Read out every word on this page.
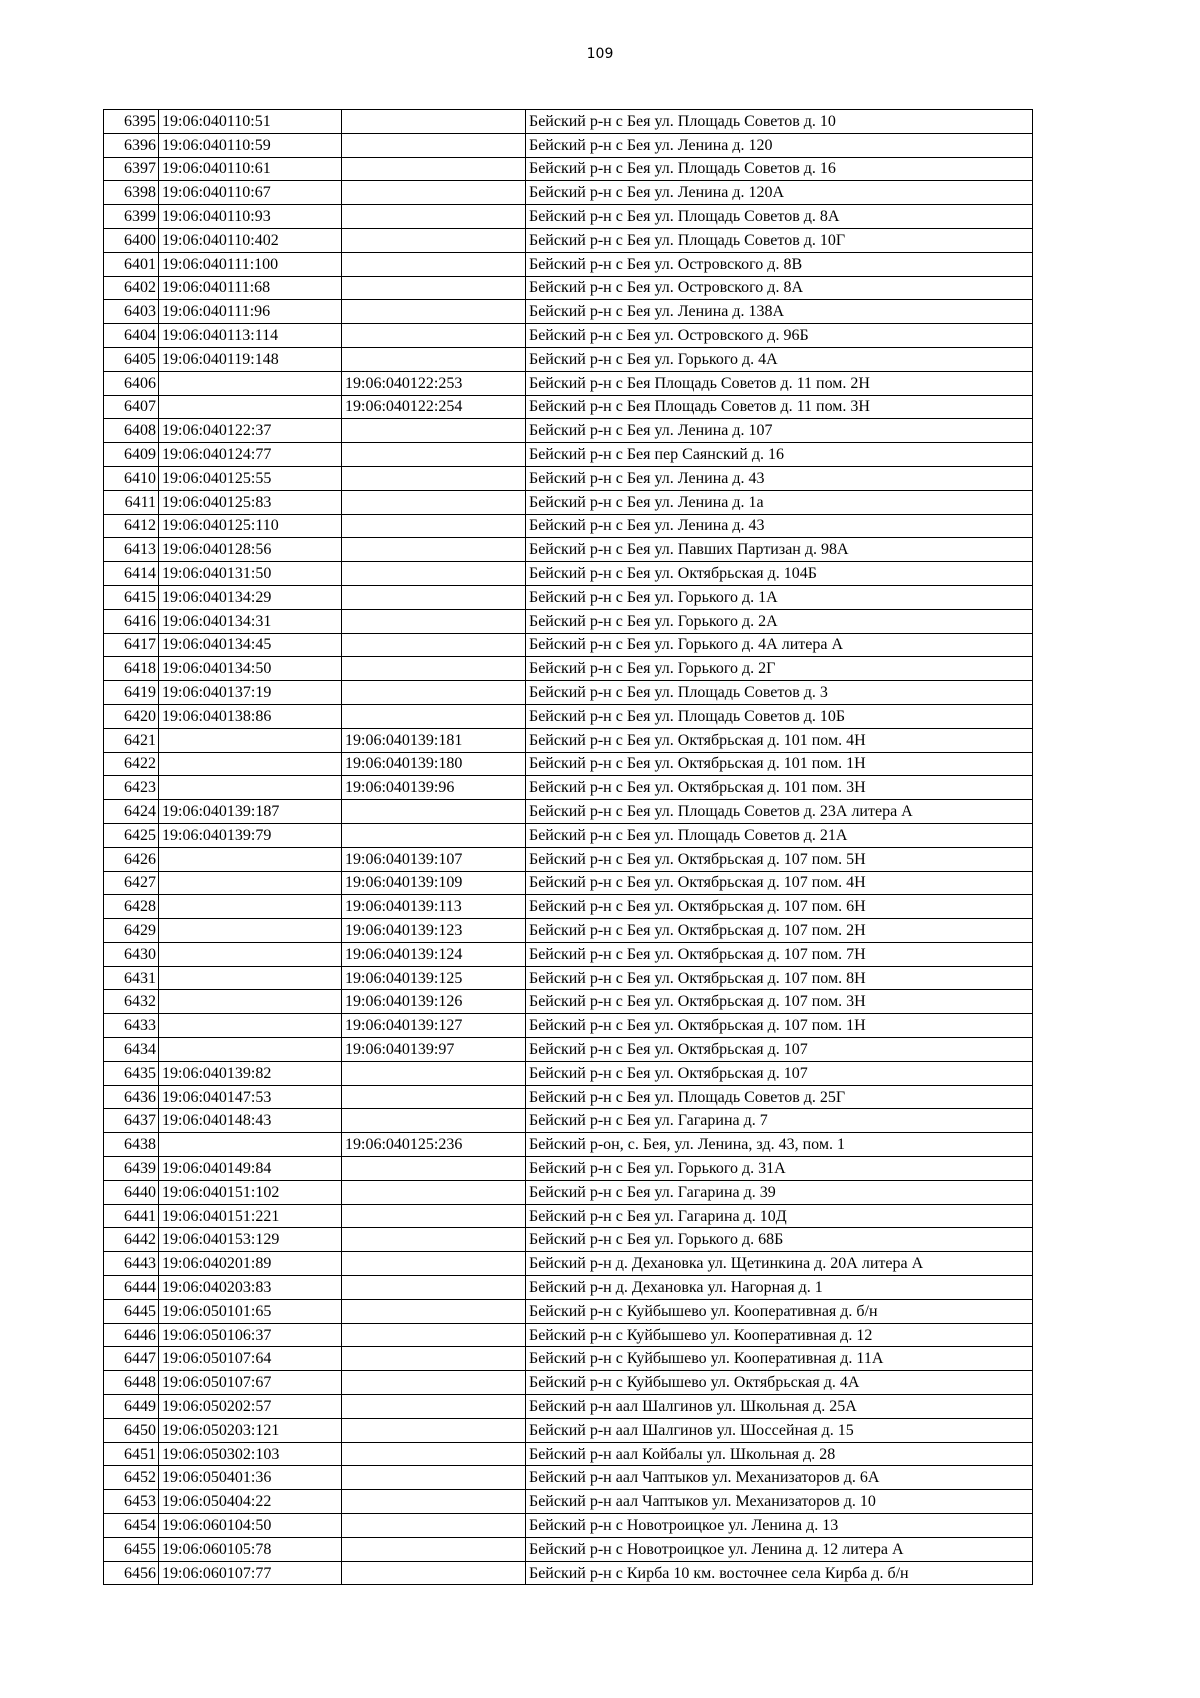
109
6395	19:06:040110:51		Бейский р-н с Бея ул. Площадь Советов д. 10
6396	19:06:040110:59		Бейский р-н с Бея ул. Ленина д. 120
6397	19:06:040110:61		Бейский р-н с Бея ул. Площадь Советов д. 16
6398	19:06:040110:67		Бейский р-н с Бея ул. Ленина д. 120А
6399	19:06:040110:93		Бейский р-н с Бея ул. Площадь Советов д. 8А
6400	19:06:040110:402		Бейский р-н с Бея ул. Площадь Советов д. 10Г
6401	19:06:040111:100		Бейский р-н с Бея ул. Островского д. 8В
6402	19:06:040111:68		Бейский р-н с Бея ул. Островского д. 8А
6403	19:06:040111:96		Бейский р-н с Бея ул. Ленина д. 138А
6404	19:06:040113:114		Бейский р-н с Бея ул. Островского д. 96Б
6405	19:06:040119:148		Бейский р-н с Бея ул. Горького д. 4А
6406		19:06:040122:253	Бейский р-н с Бея Площадь Советов д. 11 пом. 2Н
6407		19:06:040122:254	Бейский р-н с Бея Площадь Советов д. 11 пом. 3Н
6408	19:06:040122:37		Бейский р-н с Бея ул. Ленина д. 107
6409	19:06:040124:77		Бейский р-н с Бея пер Саянский д. 16
6410	19:06:040125:55		Бейский р-н с Бея ул. Ленина д. 43
6411	19:06:040125:83		Бейский р-н с Бея ул. Ленина д. 1а
6412	19:06:040125:110		Бейский р-н с Бея ул. Ленина д. 43
6413	19:06:040128:56		Бейский р-н с Бея ул. Павших Партизан д. 98А
6414	19:06:040131:50		Бейский р-н с Бея ул. Октябрьская д. 104Б
6415	19:06:040134:29		Бейский р-н с Бея ул. Горького д. 1А
6416	19:06:040134:31		Бейский р-н с Бея ул. Горького д. 2А
6417	19:06:040134:45		Бейский р-н с Бея ул. Горького д. 4А литера А
6418	19:06:040134:50		Бейский р-н с Бея ул. Горького д. 2Г
6419	19:06:040137:19		Бейский р-н с Бея ул. Площадь Советов д. 3
6420	19:06:040138:86		Бейский р-н с Бея ул. Площадь Советов д. 10Б
6421		19:06:040139:181	Бейский р-н с Бея ул. Октябрьская д. 101 пом. 4Н
6422		19:06:040139:180	Бейский р-н с Бея ул. Октябрьская д. 101 пом. 1Н
6423		19:06:040139:96	Бейский р-н с Бея ул. Октябрьская д. 101 пом. 3Н
6424	19:06:040139:187		Бейский р-н с Бея ул. Площадь Советов д. 23А литера А
6425	19:06:040139:79		Бейский р-н с Бея ул. Площадь Советов д. 21А
6426		19:06:040139:107	Бейский р-н с Бея ул. Октябрьская д. 107 пом. 5Н
6427		19:06:040139:109	Бейский р-н с Бея ул. Октябрьская д. 107 пом. 4Н
6428		19:06:040139:113	Бейский р-н с Бея ул. Октябрьская д. 107 пом. 6Н
6429		19:06:040139:123	Бейский р-н с Бея ул. Октябрьская д. 107 пом. 2Н
6430		19:06:040139:124	Бейский р-н с Бея ул. Октябрьская д. 107 пом. 7Н
6431		19:06:040139:125	Бейский р-н с Бея ул. Октябрьская д. 107 пом. 8Н
6432		19:06:040139:126	Бейский р-н с Бея ул. Октябрьская д. 107 пом. 3Н
6433		19:06:040139:127	Бейский р-н с Бея ул. Октябрьская д. 107 пом. 1Н
6434		19:06:040139:97	Бейский р-н с Бея ул. Октябрьская д. 107
6435	19:06:040139:82		Бейский р-н с Бея ул. Октябрьская д. 107
6436	19:06:040147:53		Бейский р-н с Бея ул. Площадь Советов д. 25Г
6437	19:06:040148:43		Бейский р-н с Бея ул. Гагарина д. 7
6438		19:06:040125:236	Бейский р-он, с. Бея, ул. Ленина, зд. 43, пом. 1
6439	19:06:040149:84		Бейский р-н с Бея ул. Горького д. 31А
6440	19:06:040151:102		Бейский р-н с Бея ул. Гагарина д. 39
6441	19:06:040151:221		Бейский р-н с Бея ул. Гагарина д. 10Д
6442	19:06:040153:129		Бейский р-н с Бея ул. Горького д. 68Б
6443	19:06:040201:89		Бейский р-н д. Дехановка ул. Щетинкина д. 20А литера А
6444	19:06:040203:83		Бейский р-н д. Дехановка ул. Нагорная д. 1
6445	19:06:050101:65		Бейский р-н с Куйбышево ул. Кооперативная д. б/н
6446	19:06:050106:37		Бейский р-н с Куйбышево ул. Кооперативная д. 12
6447	19:06:050107:64		Бейский р-н с Куйбышево ул. Кооперативная д. 11А
6448	19:06:050107:67		Бейский р-н с Куйбышево ул. Октябрьская д. 4А
6449	19:06:050202:57		Бейский р-н аал Шалгинов ул. Школьная д. 25А
6450	19:06:050203:121		Бейский р-н аал Шалгинов ул. Шоссейная д. 15
6451	19:06:050302:103		Бейский р-н аал Койбалы ул. Школьная д. 28
6452	19:06:050401:36		Бейский р-н аал Чаптыков ул. Механизаторов д. 6А
6453	19:06:050404:22		Бейский р-н аал Чаптыков ул. Механизаторов д. 10
6454	19:06:060104:50		Бейский р-н с Новотроицкое ул. Ленина д. 13
6455	19:06:060105:78		Бейский р-н с Новотроицкое ул. Ленина д. 12 литера А
6456	19:06:060107:77		Бейский р-н с Кирба 10 км. восточнее села Кирба д. б/н
